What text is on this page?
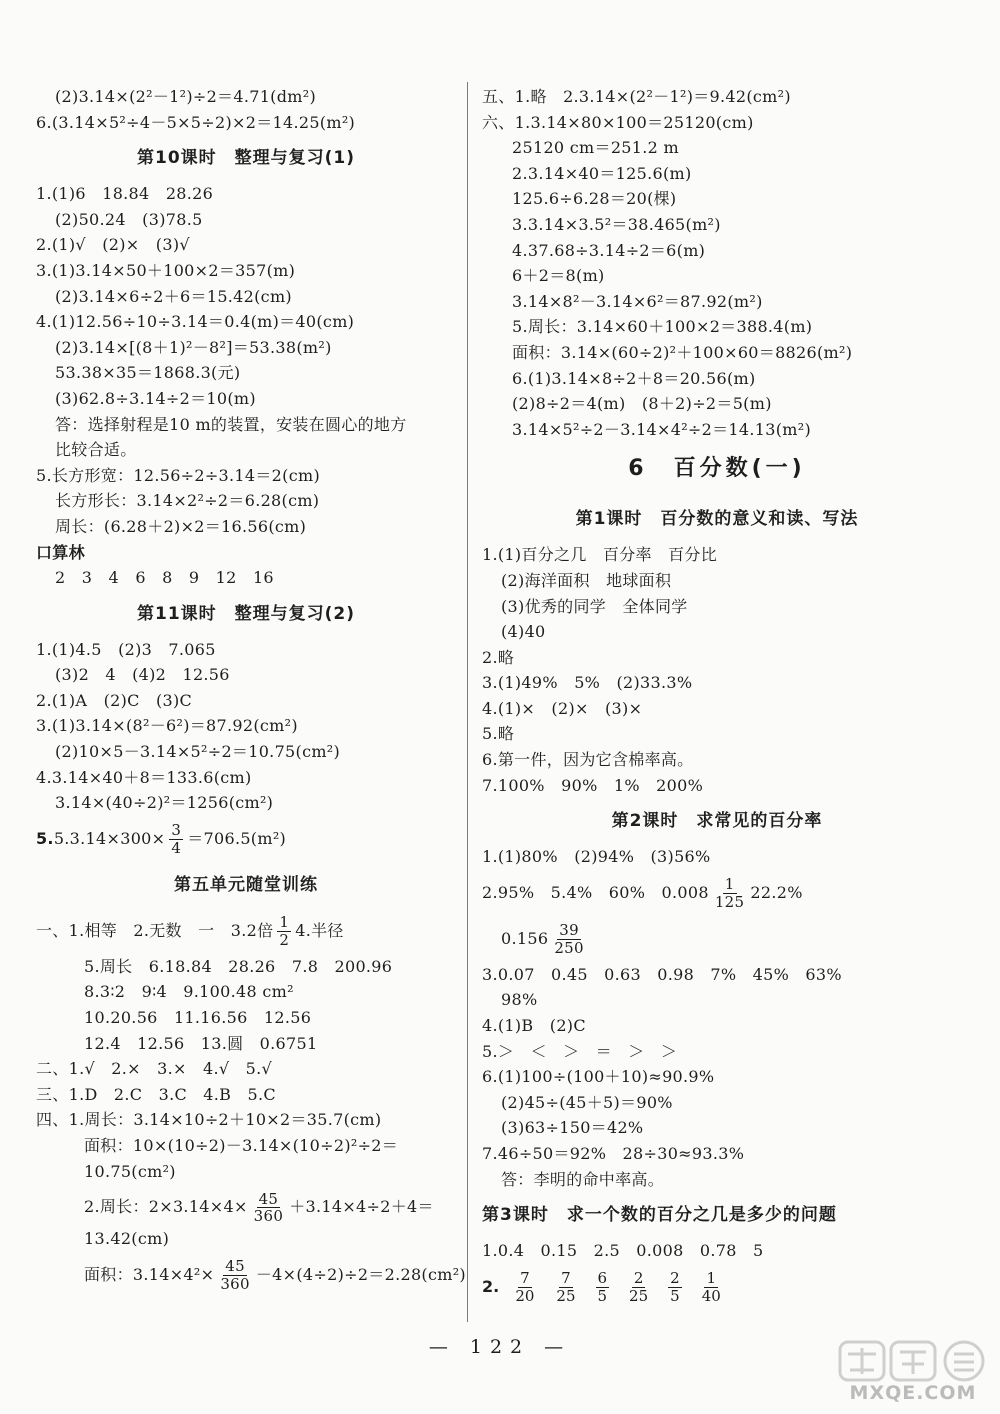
(2)3.14×(2²－1²)÷2＝4.71(dm²)
6.(3.14×5²÷4－5×5÷2)×2＝14.25(m²)
第10课时　整理与复习(1)
1.(1)6　18.84　28.26
(2)50.24　(3)78.5
2.(1)√　(2)×　(3)√
3.(1)3.14×50＋100×2＝357(m)
(2)3.14×6÷2＋6＝15.42(cm)
4.(1)12.56÷10÷3.14＝0.4(m)＝40(cm)
(2)3.14×[(8＋1)²－8²]＝53.38(m²)
53.38×35＝1868.3(元)
(3)62.8÷3.14÷2＝10(m)
答：选择射程是10 m的装置，安装在圆心的地方
比较合适。
5.长方形宽：12.56÷2÷3.14＝2(cm)
长方形长：3.14×2²÷2＝6.28(cm)
周长：(6.28＋2)×2＝16.56(cm)
口算林
2　3　4　6　8　9　12　16
第11课时　整理与复习(2)
1.(1)4.5　(2)3　7.065
(3)2　4　(4)2　12.56
2.(1)A　(2)C　(3)C
3.(1)3.14×(8²－6²)＝87.92(cm²)
(2)10×5－3.14×5²÷2＝10.75(cm²)
4.3.14×40＋8＝133.6(cm)
3.14×(40÷2)²＝1256(cm²)
$5.5.3.14\times 300\times \frac{3}{4} =706.5(m^2)$
第五单元随堂训练
一、1.相等　2.无数　一　3.2倍 $\frac{1}{2} 4$.半径
5.周长　6.18.84　28.26　7.8　200.96
8.3∶2　9∶4　9.100.48 cm²
10.20.56　11.16.56　12.56
12.4　12.56　13.圆　0.6751
二、1.√　2.×　3.×　4.√　5.√
三、1.D　2.C　3.C　4.B　5.C
四、1.周长：3.14×10÷2＋10×2＝35.7(cm)
面积：10×(10÷2)－3.14×(10÷2)²÷2＝
10.75(cm²)
2.周长：$2\times 3.14\times 4\times \frac{45}{360} +3.14\times 4\div 2+4=$
13.42(cm)
面积：$3.14\times 4^2\times \frac{45}{360} -4\times(4\div 2)\div 2=2.28(cm^2)$
五、1.略　2.3.14×(2²－1²)＝9.42(cm²)
六、1.3.14×80×100＝25120(cm)
25120 cm＝251.2 m
2.3.14×40＝125.6(m)
125.6÷6.28＝20(棵)
3.3.14×3.5²＝38.465(m²)
4.37.68÷3.14÷2＝6(m)
6＋2＝8(m)
3.14×8²－3.14×6²＝87.92(m²)
5.周长：3.14×60＋100×2＝388.4(m)
面积：3.14×(60÷2)²＋100×60＝8826(m²)
6.(1)3.14×8÷2＋8＝20.56(m)
(2)8÷2＝4(m)　(8＋2)÷2＝5(m)
3.14×5²÷2－3.14×4²÷2＝14.13(m²)
6　百分数(一)
第1课时　百分数的意义和读、写法
1.(1)百分之几　百分率　百分比
(2)海洋面积　地球面积
(3)优秀的同学　全体同学
(4)40
2.略
3.(1)49%　5%　(2)33.3%
4.(1)×　(2)×　(3)×
5.略
6.第一件，因为它含棉率高。
7.100%　90%　1%　200%
第2课时　求常见的百分率
1.(1)80%　(2)94%　(3)56%
2.95%　5.4%　60%　$0.008 \frac{1}{125} 22.2\%$
$0.156 \frac{39}{250}$
3.0.07　0.45　0.63　0.98　7%　45%　63%
98%
4.(1)B　(2)C
5.＞　＜　＞　＝　＞　＞
6.(1)100÷(100＋10)≈90.9%
(2)45÷(45＋5)＝90%
(3)63÷150＝42%
7.46÷50＝92%　28÷30≈93.3%
答：李明的命中率高。
第3课时　求一个数的百分之几是多少的问题
1.0.4　0.15　2.5　0.008　0.78　5
2. $\frac{7}{20} \frac{7}{25} \frac{6}{5} \frac{2}{25} \frac{2}{5} \frac{1}{40}$
— 122 —
MXQE.COM
